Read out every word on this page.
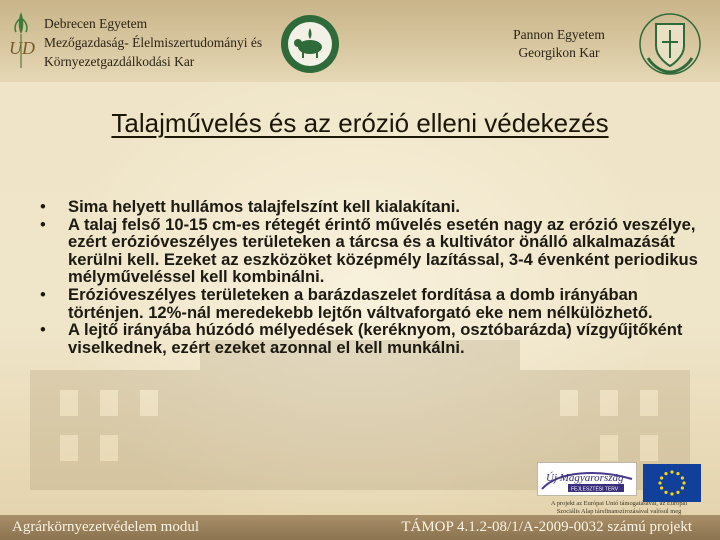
UD
Debrecen Egyetem
Mezőgazdaság- Élelmiszertudományi és
Környezetgazdálkodási Kar
Pannon Egyetem
Georgikon Kar
Talajművelés és az erózió elleni védekezés
• Sima helyett hullámos talajfelszínt kell kialakítani.
• A talaj felső 10-15 cm-es rétegét érintő művelés esetén nagy az erózió veszélye, ezért erózióveszélyes területeken a tárcsa és a kultivátor önálló alkalmazását kerülni kell. Ezeket az eszközöket középmély lazítással, 3-4 évenként periodikus mélyműveléssel kell kombinálni.
• Erózióveszélyes területeken a barázdaszelet fordítása a domb irányában történjen. 12%-nál meredekebb lejtőn váltvaforgató eke nem nélkülözhető.
• A lejtő irányába húzódó mélyedések (keréknyom, osztóbarázda) vízgyűjtőként viselkednek, ezért ezeket azonnal el kell munkálni.
Új Magyarország
FEJLESZTÉSI TERV
A projekt az Európai Unió támogatásával, az Európai
Szociális Alap társfinanszírozásával valósul meg
Agrárkörnyezetvédelem modul	TÁMOP 4.1.2-08/1/A-2009-0032 számú projekt
